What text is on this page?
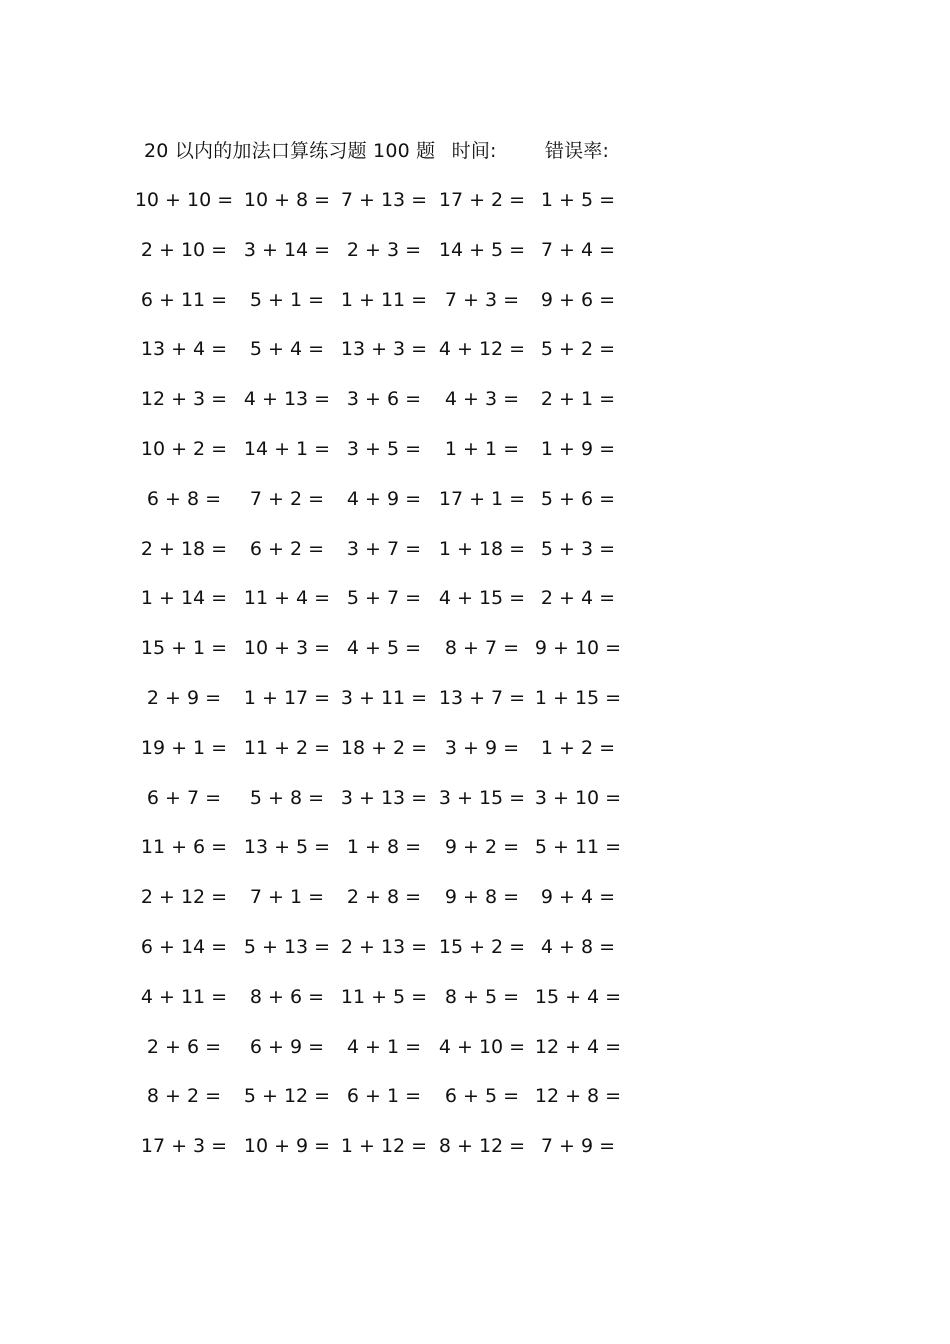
20 以内的加法口算练习题 100 题 时间:	错误率:
10 + 10 = 10 + 8 = 7 + 13 = 17 + 2 = 1 + 5 =
2 + 10 = 3 + 14 = 2 + 3 = 14 + 5 = 7 + 4 =
6 + 11 = 5 + 1 = 1 + 11 = 7 + 3 = 9 + 6 =
13 + 4 = 5 + 4 = 13 + 3 = 4 + 12 = 5 + 2 =
12 + 3 = 4 + 13 = 3 + 6 = 4 + 3 = 2 + 1 =
10 + 2 = 14 + 1 = 3 + 5 = 1 + 1 = 1 + 9 =
6 + 8 = 7 + 2 = 4 + 9 = 17 + 1 = 5 + 6 =
2 + 18 = 6 + 2 = 3 + 7 = 1 + 18 = 5 + 3 =
1 + 14 = 11 + 4 = 5 + 7 = 4 + 15 = 2 + 4 =
15 + 1 = 10 + 3 = 4 + 5 = 8 + 7 = 9 + 10 =
2 + 9 = 1 + 17 = 3 + 11 = 13 + 7 = 1 + 15 =
19 + 1 = 11 + 2 = 18 + 2 = 3 + 9 = 1 + 2 =
6 + 7 = 5 + 8 = 3 + 13 = 3 + 15 = 3 + 10 =
11 + 6 = 13 + 5 = 1 + 8 = 9 + 2 = 5 + 11 =
2 + 12 = 7 + 1 = 2 + 8 = 9 + 8 = 9 + 4 =
6 + 14 = 5 + 13 = 2 + 13 = 15 + 2 = 4 + 8 =
4 + 11 = 8 + 6 = 11 + 5 = 8 + 5 = 15 + 4 =
2 + 6 = 6 + 9 = 4 + 1 = 4 + 10 = 12 + 4 =
8 + 2 = 5 + 12 = 6 + 1 = 6 + 5 = 12 + 8 =
17 + 3 = 10 + 9 = 1 + 12 = 8 + 12 = 7 + 9 =
